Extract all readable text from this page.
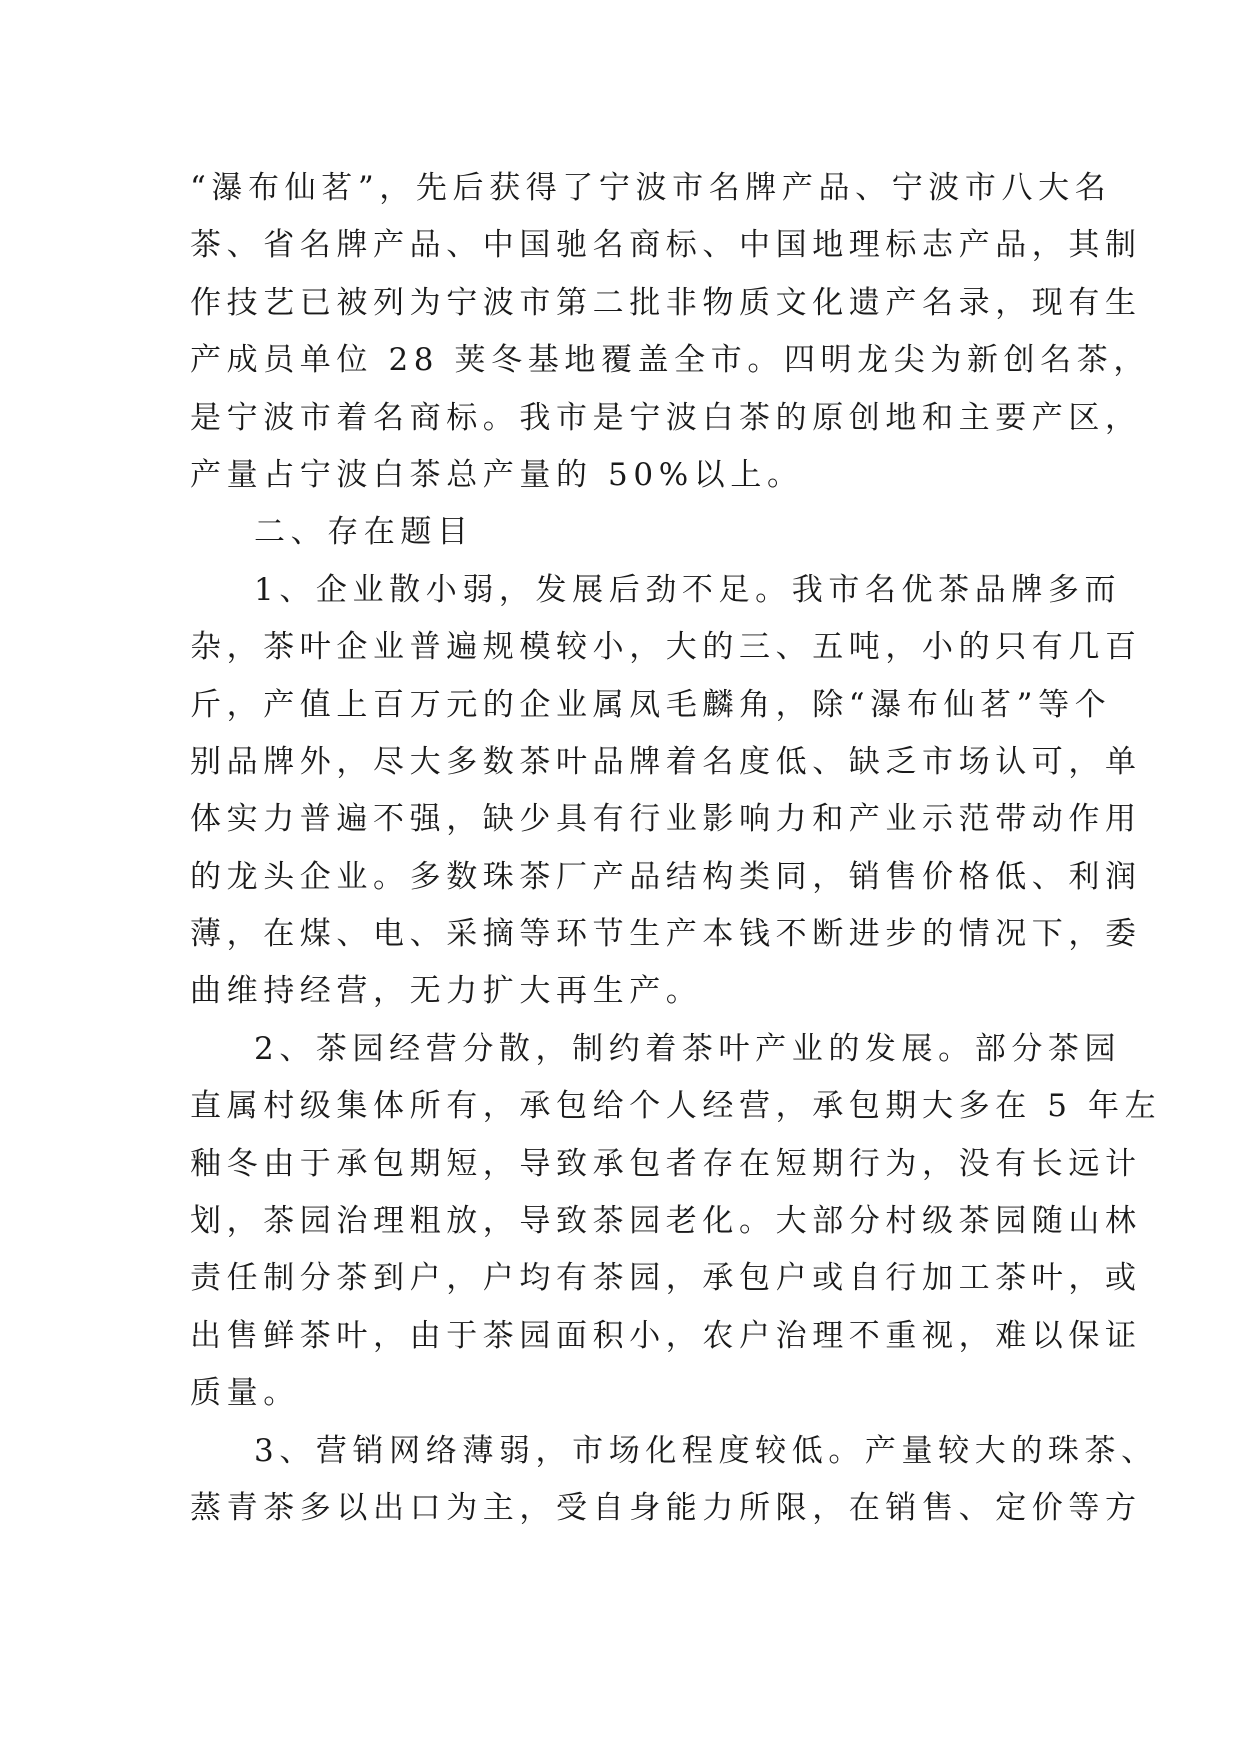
“瀑布仙茗”，先后获得了宁波市名牌产品、宁波市八大名
茶、省名牌产品、中国驰名商标、中国地理标志产品，其制
作技艺已被列为宁波市第二批非物质文化遗产名录，现有生
产成员单位 28 荚冬基地覆盖全市。四明龙尖为新创名茶，
是宁波市着名商标。我市是宁波白茶的原创地和主要产区，
产量占宁波白茶总产量的 50%以上。
二、存在题目
1、企业散小弱，发展后劲不足。我市名优茶品牌多而
杂，茶叶企业普遍规模较小，大的三、五吨，小的只有几百
斤，产值上百万元的企业属凤毛麟角，除“瀑布仙茗”等个
别品牌外，尽大多数茶叶品牌着名度低、缺乏市场认可，单
体实力普遍不强，缺少具有行业影响力和产业示范带动作用
的龙头企业。多数珠茶厂产品结构类同，销售价格低、利润
薄，在煤、电、采摘等环节生产本钱不断进步的情况下，委
曲维持经营，无力扩大再生产。
2、茶园经营分散，制约着茶叶产业的发展。部分茶园
直属村级集体所有，承包给个人经营，承包期大多在 5 年左
釉冬由于承包期短，导致承包者存在短期行为，没有长远计
划，茶园治理粗放，导致茶园老化。大部分村级茶园随山林
责任制分茶到户，户均有茶园，承包户或自行加工茶叶，或
出售鲜茶叶，由于茶园面积小，农户治理不重视，难以保证
质量。
3、营销网络薄弱，市场化程度较低。产量较大的珠茶、
蒸青茶多以出口为主，受自身能力所限，在销售、定价等方
